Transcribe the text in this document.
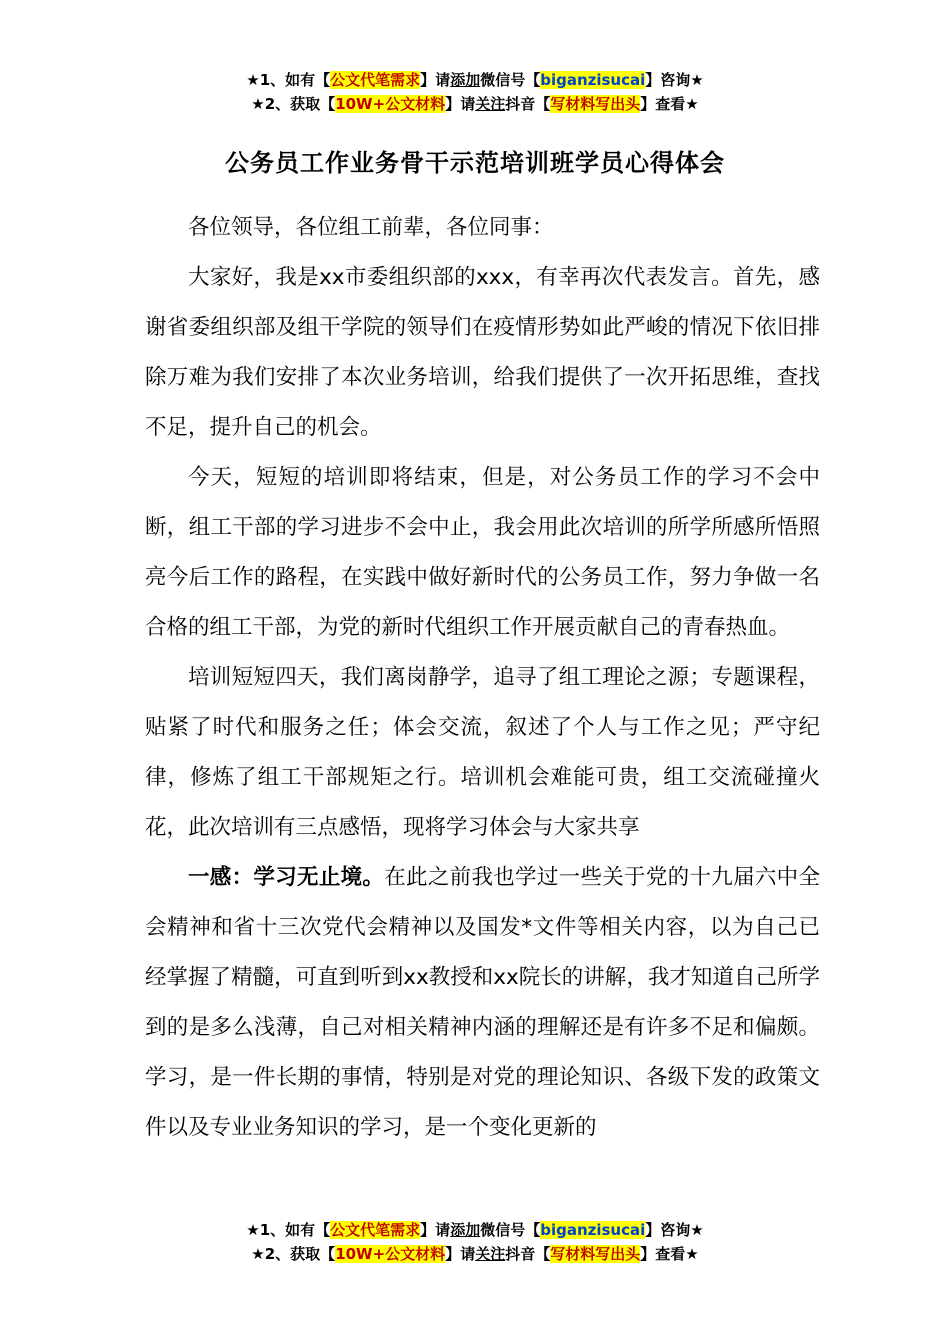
★1、如有【公文代笔需求】请添加微信号【biganzisucai】咨询★
★2、获取【10W+公文材料】请关注抖音【写材料写出头】查看★
公务员工作业务骨干示范培训班学员心得体会

各位领导，各位组工前辈，各位同事：

大家好，我是xx市委组织部的xxx，有幸再次代表发言。首先，感谢省委组织部及组干学院的领导们在疫情形势如此严峻的情况下依旧排除万难为我们安排了本次业务培训，给我们提供了一次开拓思维，查找不足，提升自己的机会。

今天，短短的培训即将结束，但是，对公务员工作的学习不会中断，组工干部的学习进步不会中止，我会用此次培训的所学所感所悟照亮今后工作的路程，在实践中做好新时代的公务员工作，努力争做一名合格的组工干部，为党的新时代组织工作开展贡献自己的青春热血。

培训短短四天，我们离岗静学，追寻了组工理论之源；专题课程，贴紧了时代和服务之任；体会交流，叙述了个人与工作之见；严守纪律，修炼了组工干部规矩之行。培训机会难能可贵，组工交流碰撞火花，此次培训有三点感悟，现将学习体会与大家共享

一感：学习无止境。在此之前我也学过一些关于党的十九届六中全会精神和省十三次党代会精神以及国发*文件等相关内容，以为自己已经掌握了精髓，可直到听到xx教授和xx院长的讲解，我才知道自己所学到的是多么浅薄，自己对相关精神内涵的理解还是有许多不足和偏颇。学习，是一件长期的事情，特别是对党的理论知识、各级下发的政策文件以及专业业务知识的学习，是一个变化更新的

★1、如有【公文代笔需求】请添加微信号【biganzisucai】咨询★
★2、获取【10W+公文材料】请关注抖音【写材料写出头】查看★
